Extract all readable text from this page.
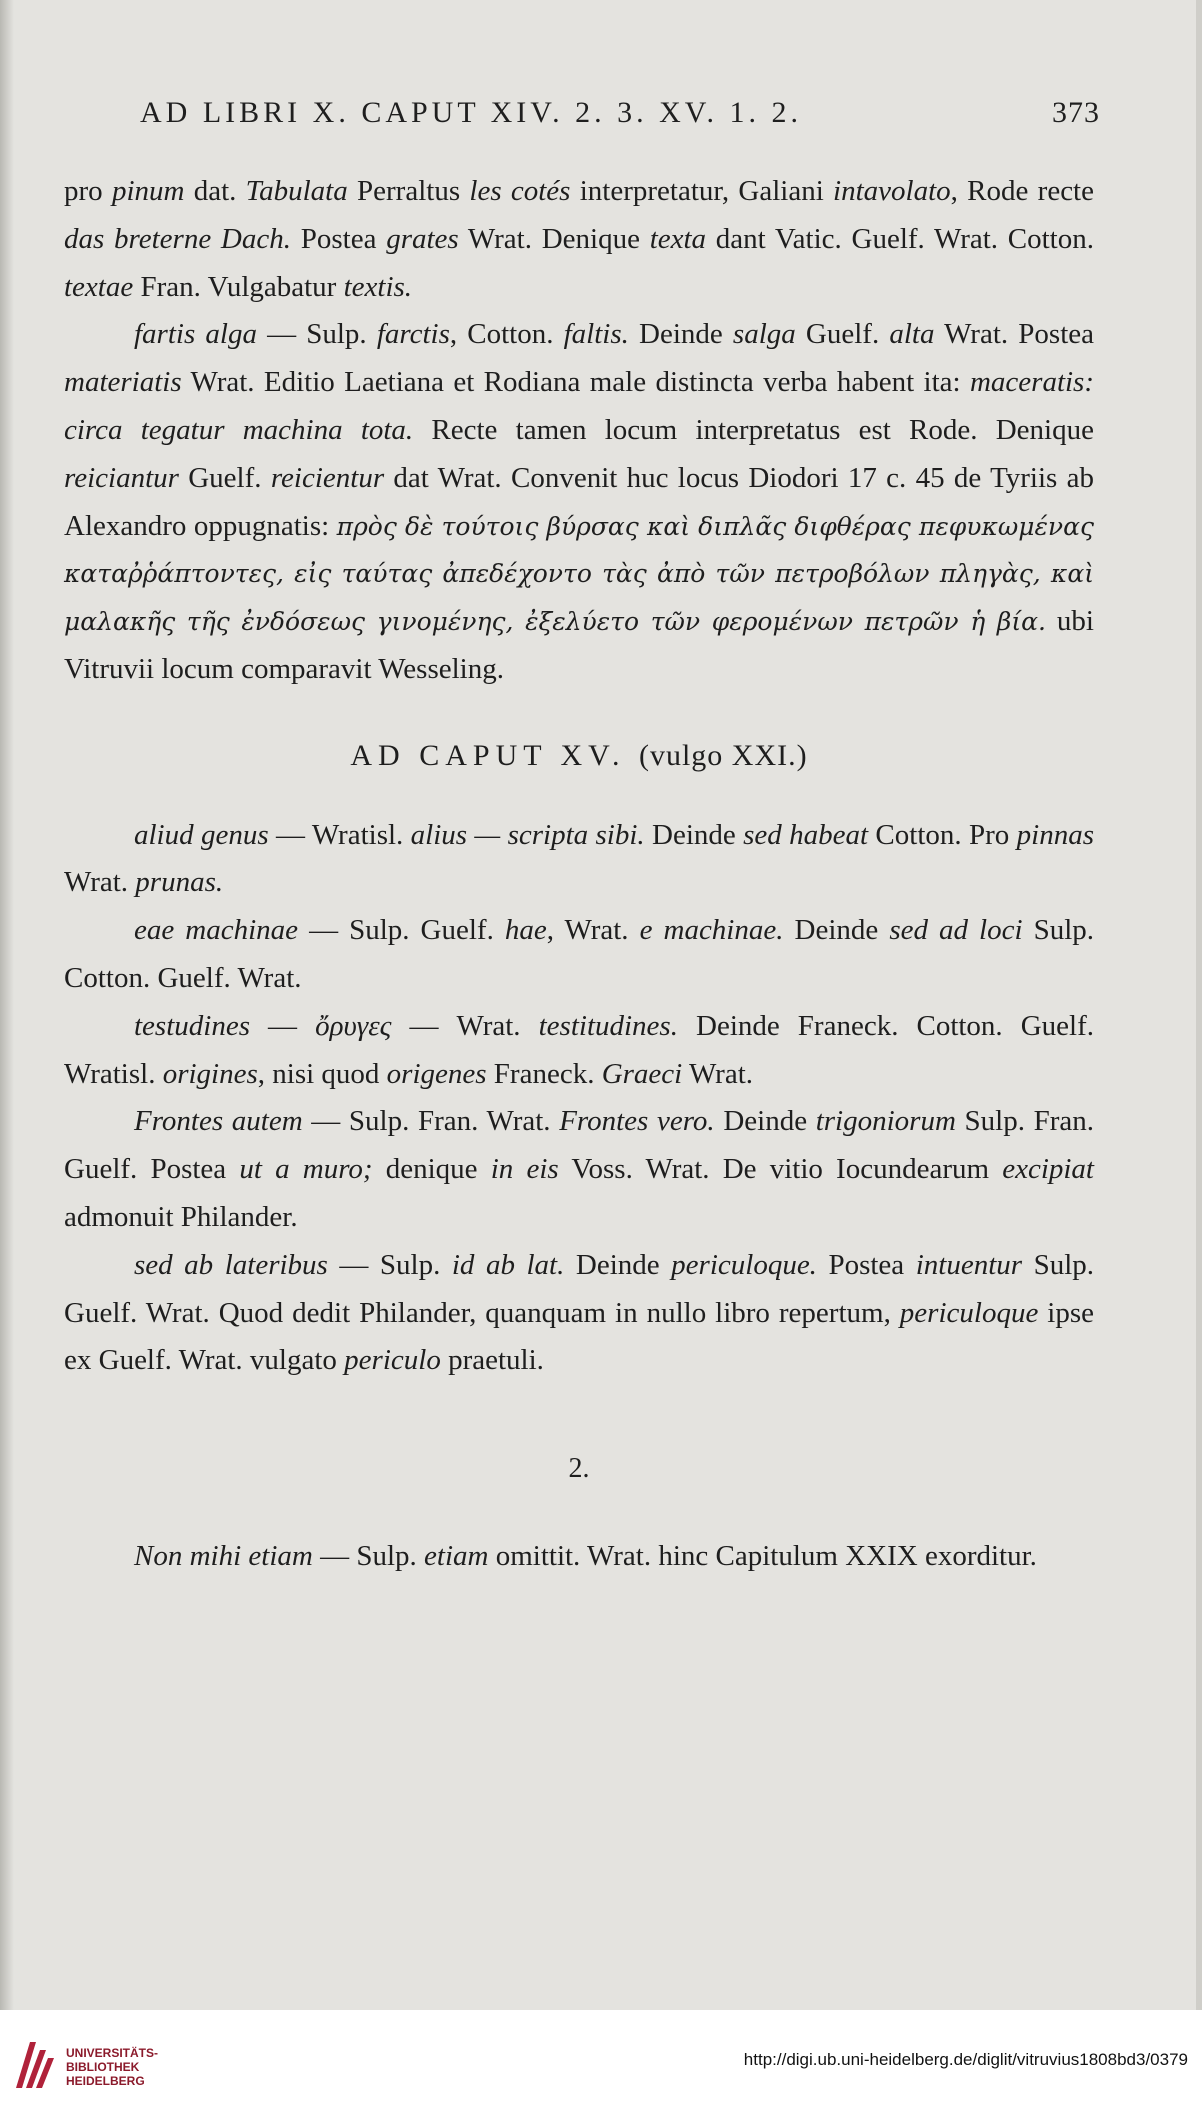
AD LIBRI X. CAPUT XIV. 2. 3. XV. 1. 2.	373

pro pinum dat. Tabulata Perraltus les cotés interpretatur, Galiani intavolato, Rode recte das breterne Dach. Postea grates Wrat. Denique texta dant Vatic. Guelf. Wrat. Cotton. textae Fran. Vulgabatur textis.

fartis alga — Sulp. farctis, Cotton. faltis. Deinde salga Guelf. alta Wrat. Postea materiatis Wrat. Editio Laetiana et Rodiana male distincta verba habent ita: maceratis: circa tegatur machina tota. Recte tamen locum interpretatus est Rode. Denique reiciantur Guelf. reicientur dat Wrat. Convenit huc locus Diodori 17 c. 45 de Tyriis ab Alexandro oppugnatis: πρὸς δὲ τούτοις βύρσας καὶ διπλᾶς διφθέρας πεφυκωμένας καταῤῥάπτοντες, εἰς ταύτας ἀπεδέχοντο τὰς ἀπὸ τῶν πετροβόλων πληγὰς, καὶ μαλακῆς τῆς ἐνδόσεως γινομένης, ἐξελύετο τῶν φερομένων πετρῶν ἡ βία. ubi Vitruvii locum comparavit Wesseling.

AD CAPUT XV. (vulgo XXI.)

aliud genus — Wratisl. alius — scripta sibi. Deinde sed habeat Cotton. Pro pinnas Wrat. prunas.

eae machinae — Sulp. Guelf. hae, Wrat. e machinae. Deinde sed ad loci Sulp. Cotton. Guelf. Wrat.

testudines — ὄρυγες — Wrat. testitudines. Deinde Franeck. Cotton. Guelf. Wratisl. origines, nisi quod origenes Franeck. Graeci Wrat.

Frontes autem — Sulp. Fran. Wrat. Frontes vero. Deinde trigoniorum Sulp. Fran. Guelf. Postea ut a muro; denique in eis Voss. Wrat. De vitio Iocundearum excipiat admonuit Philander.

sed ab lateribus — Sulp. id ab lat. Deinde periculoque. Postea intuentur Sulp. Guelf. Wrat. Quod dedit Philander, quanquam in nullo libro repertum, periculoque ipse ex Guelf. Wrat. vulgato periculo praetuli.

2.

Non mihi etiam — Sulp. etiam omittit. Wrat. hinc Capitulum XXIX exorditur.

UNIVERSITÄTS-
BIBLIOTHEK
HEIDELBERG
http://digi.ub.uni-heidelberg.de/diglit/vitruvius1808bd3/0379
